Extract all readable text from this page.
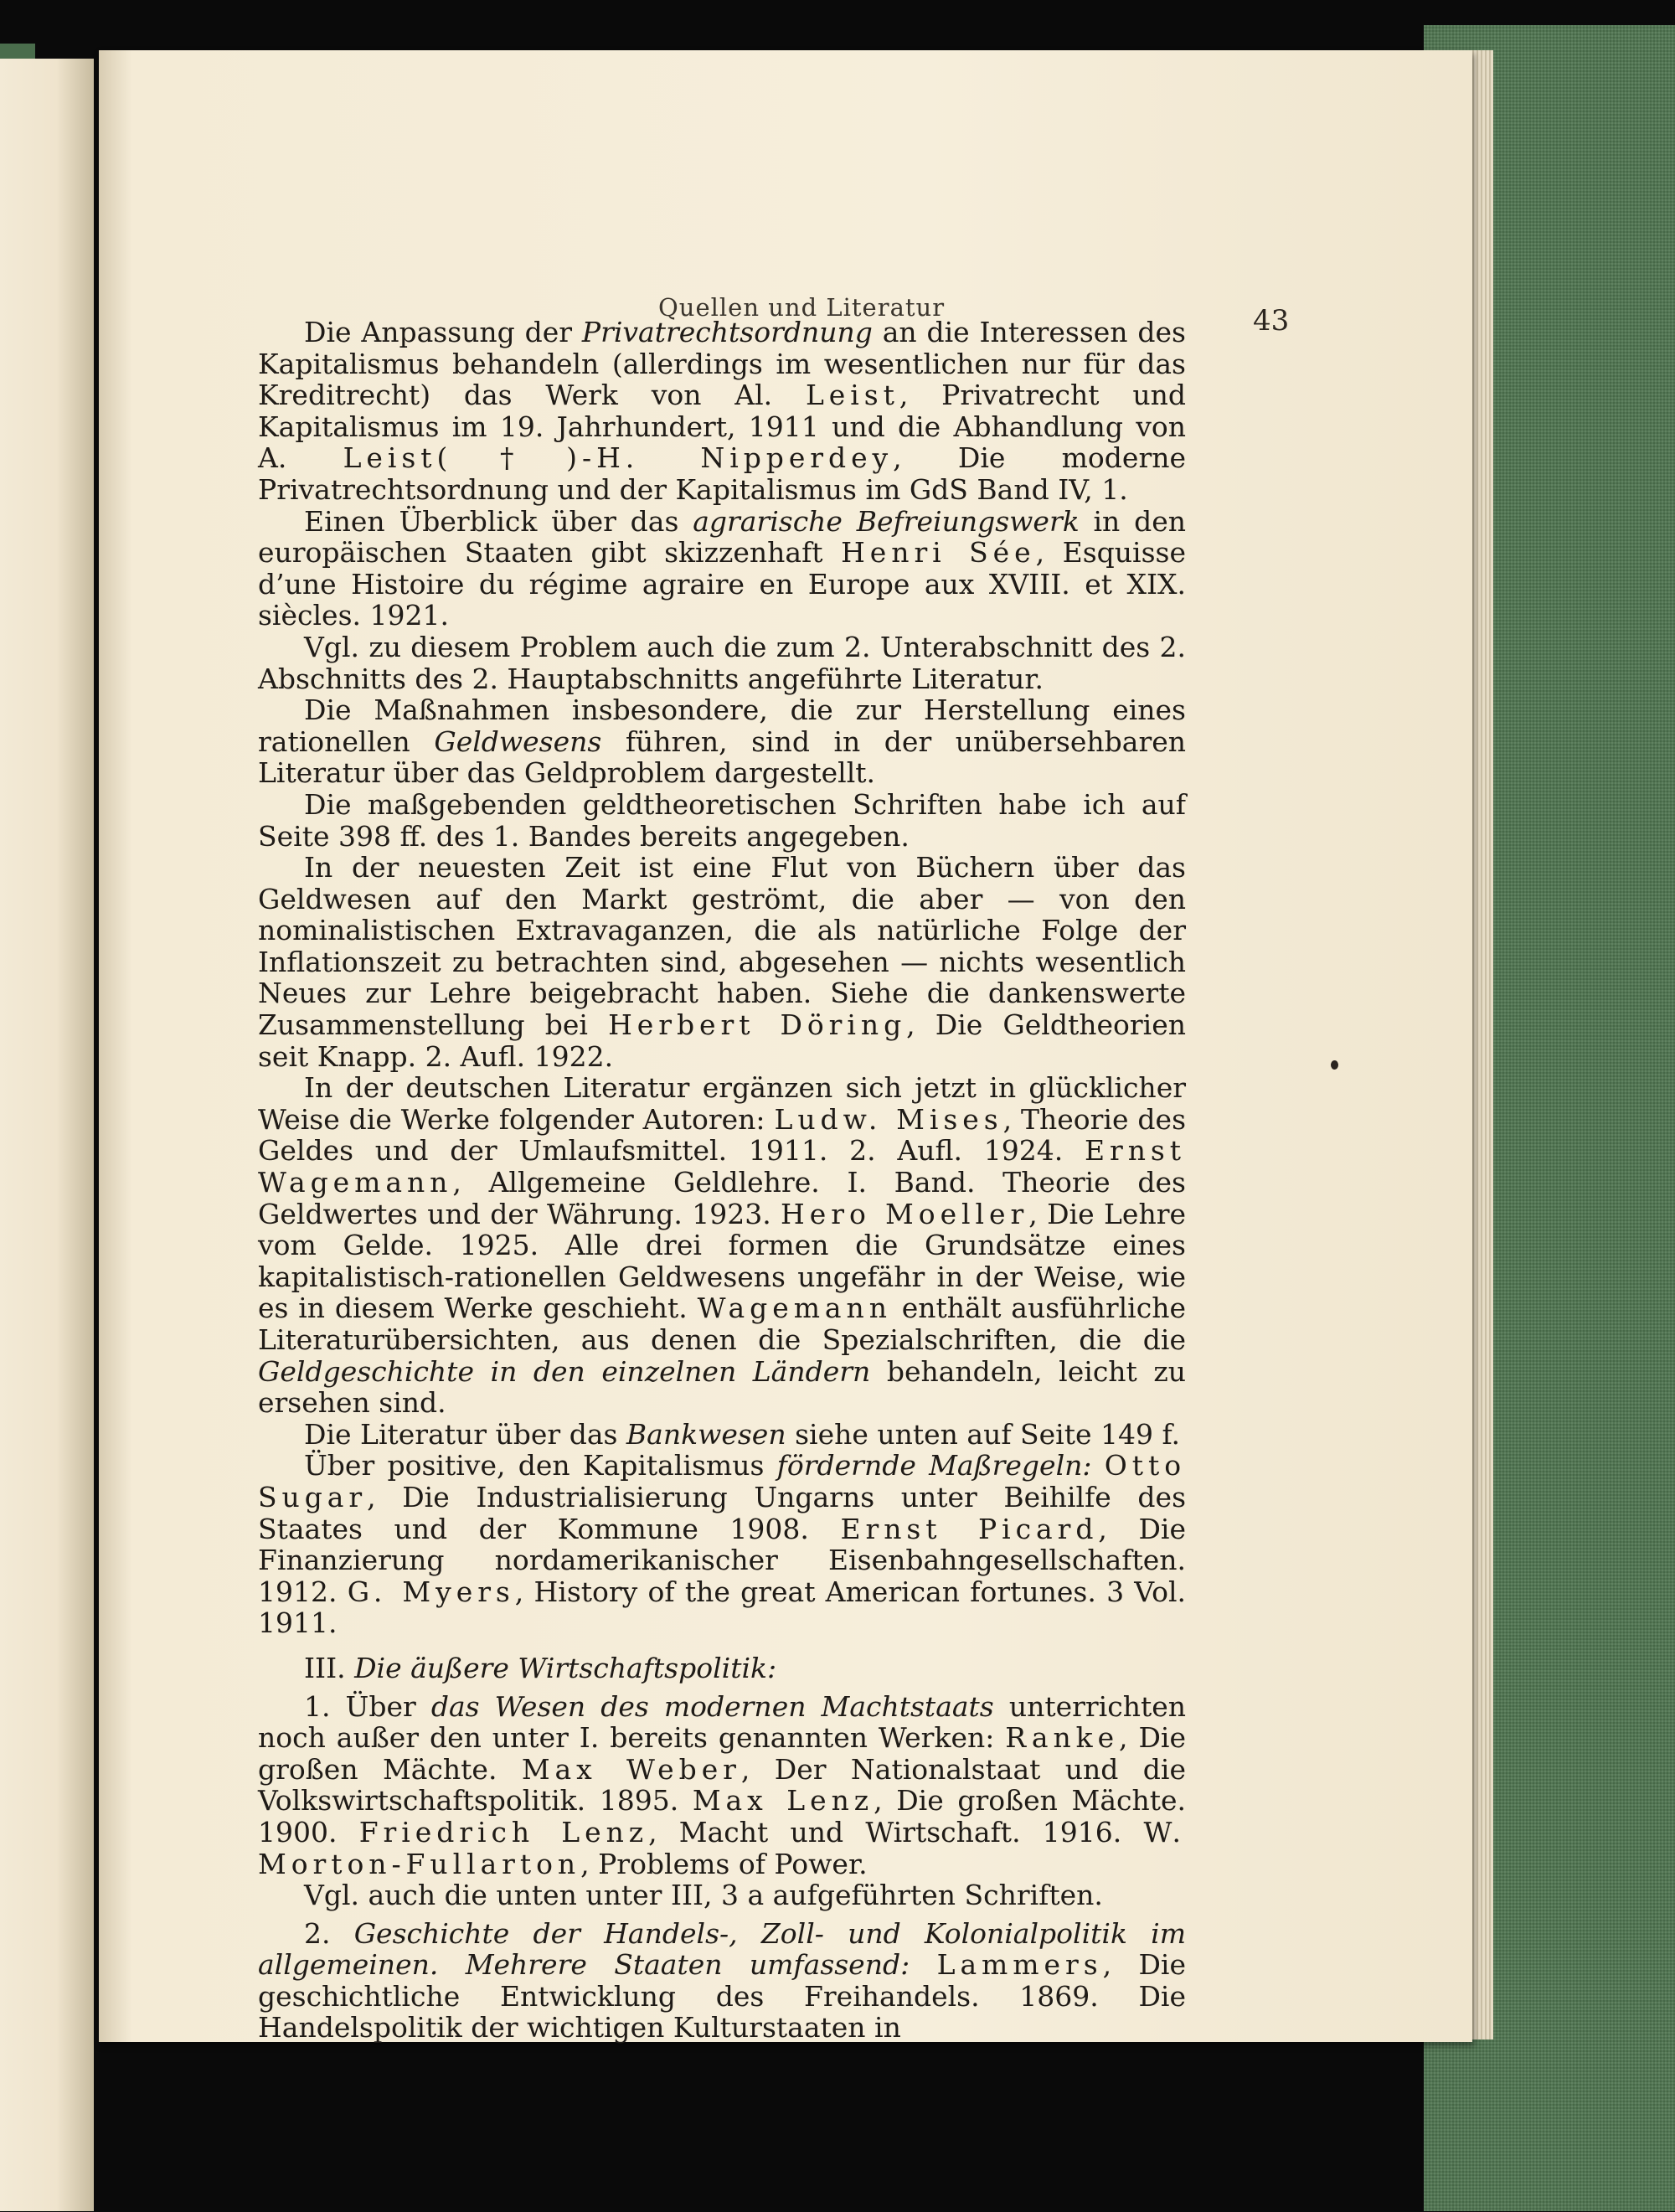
Quellen und Literatur	43

Die Anpassung der Privatrechtsordnung an die Interessen des Kapitalismus behandeln (allerdings im wesentlichen nur für das Kreditrecht) das Werk von Al. Leist, Privatrecht und Kapitalismus im 19. Jahrhundert, 1911 und die Abhandlung von A. Leist(†)-H. Nipperdey, Die moderne Privatrechtsordnung und der Kapitalismus im GdS Band IV, 1.

Einen Überblick über das agrarische Befreiungswerk in den europäischen Staaten gibt skizzenhaft Henri Sée, Esquisse d’une Histoire du régime agraire en Europe aux XVIII. et XIX. siècles. 1921.

Vgl. zu diesem Problem auch die zum 2. Unterabschnitt des 2. Abschnitts des 2. Hauptabschnitts angeführte Literatur.

Die Maßnahmen insbesondere, die zur Herstellung eines rationellen Geldwesens führen, sind in der unübersehbaren Literatur über das Geldproblem dargestellt.

Die maßgebenden geldtheoretischen Schriften habe ich auf Seite 398 ff. des 1. Bandes bereits angegeben.

In der neuesten Zeit ist eine Flut von Büchern über das Geldwesen auf den Markt geströmt, die aber — von den nominalistischen Extravaganzen, die als natürliche Folge der Inflationszeit zu betrachten sind, abgesehen — nichts wesentlich Neues zur Lehre beigebracht haben. Siehe die dankenswerte Zusammenstellung bei Herbert Döring, Die Geldtheorien seit Knapp. 2. Aufl. 1922.

In der deutschen Literatur ergänzen sich jetzt in glücklicher Weise die Werke folgender Autoren: Ludw. Mises, Theorie des Geldes und der Umlaufsmittel. 1911. 2. Aufl. 1924. Ernst Wagemann, Allgemeine Geldlehre. I. Band. Theorie des Geldwertes und der Währung. 1923. Hero Moeller, Die Lehre vom Gelde. 1925. Alle drei formen die Grundsätze eines kapitalistisch-rationellen Geldwesens ungefähr in der Weise, wie es in diesem Werke geschieht. Wagemann enthält ausführliche Literaturübersichten, aus denen die Spezialschriften, die die Geldgeschichte in den einzelnen Ländern behandeln, leicht zu ersehen sind.

Die Literatur über das Bankwesen siehe unten auf Seite 149 f.

Über positive, den Kapitalismus fördernde Maßregeln: Otto Sugar, Die Industrialisierung Ungarns unter Beihilfe des Staates und der Kommune 1908. Ernst Picard, Die Finanzierung nordamerikanischer Eisenbahngesellschaften. 1912. G. Myers, History of the great American fortunes. 3 Vol. 1911.

III. Die äußere Wirtschaftspolitik:

1. Über das Wesen des modernen Machtstaats unterrichten noch außer den unter I. bereits genannten Werken: Ranke, Die großen Mächte. Max Weber, Der Nationalstaat und die Volkswirtschaftspolitik. 1895. Max Lenz, Die großen Mächte. 1900. Friedrich Lenz, Macht und Wirtschaft. 1916. W. Morton-Fullarton, Problems of Power.

Vgl. auch die unten unter III, 3 a aufgeführten Schriften.

2. Geschichte der Handels-, Zoll- und Kolonialpolitik im allgemeinen. Mehrere Staaten umfassend: Lammers, Die geschichtliche Entwicklung des Freihandels. 1869. Die Handelspolitik der wichtigen Kulturstaaten in
